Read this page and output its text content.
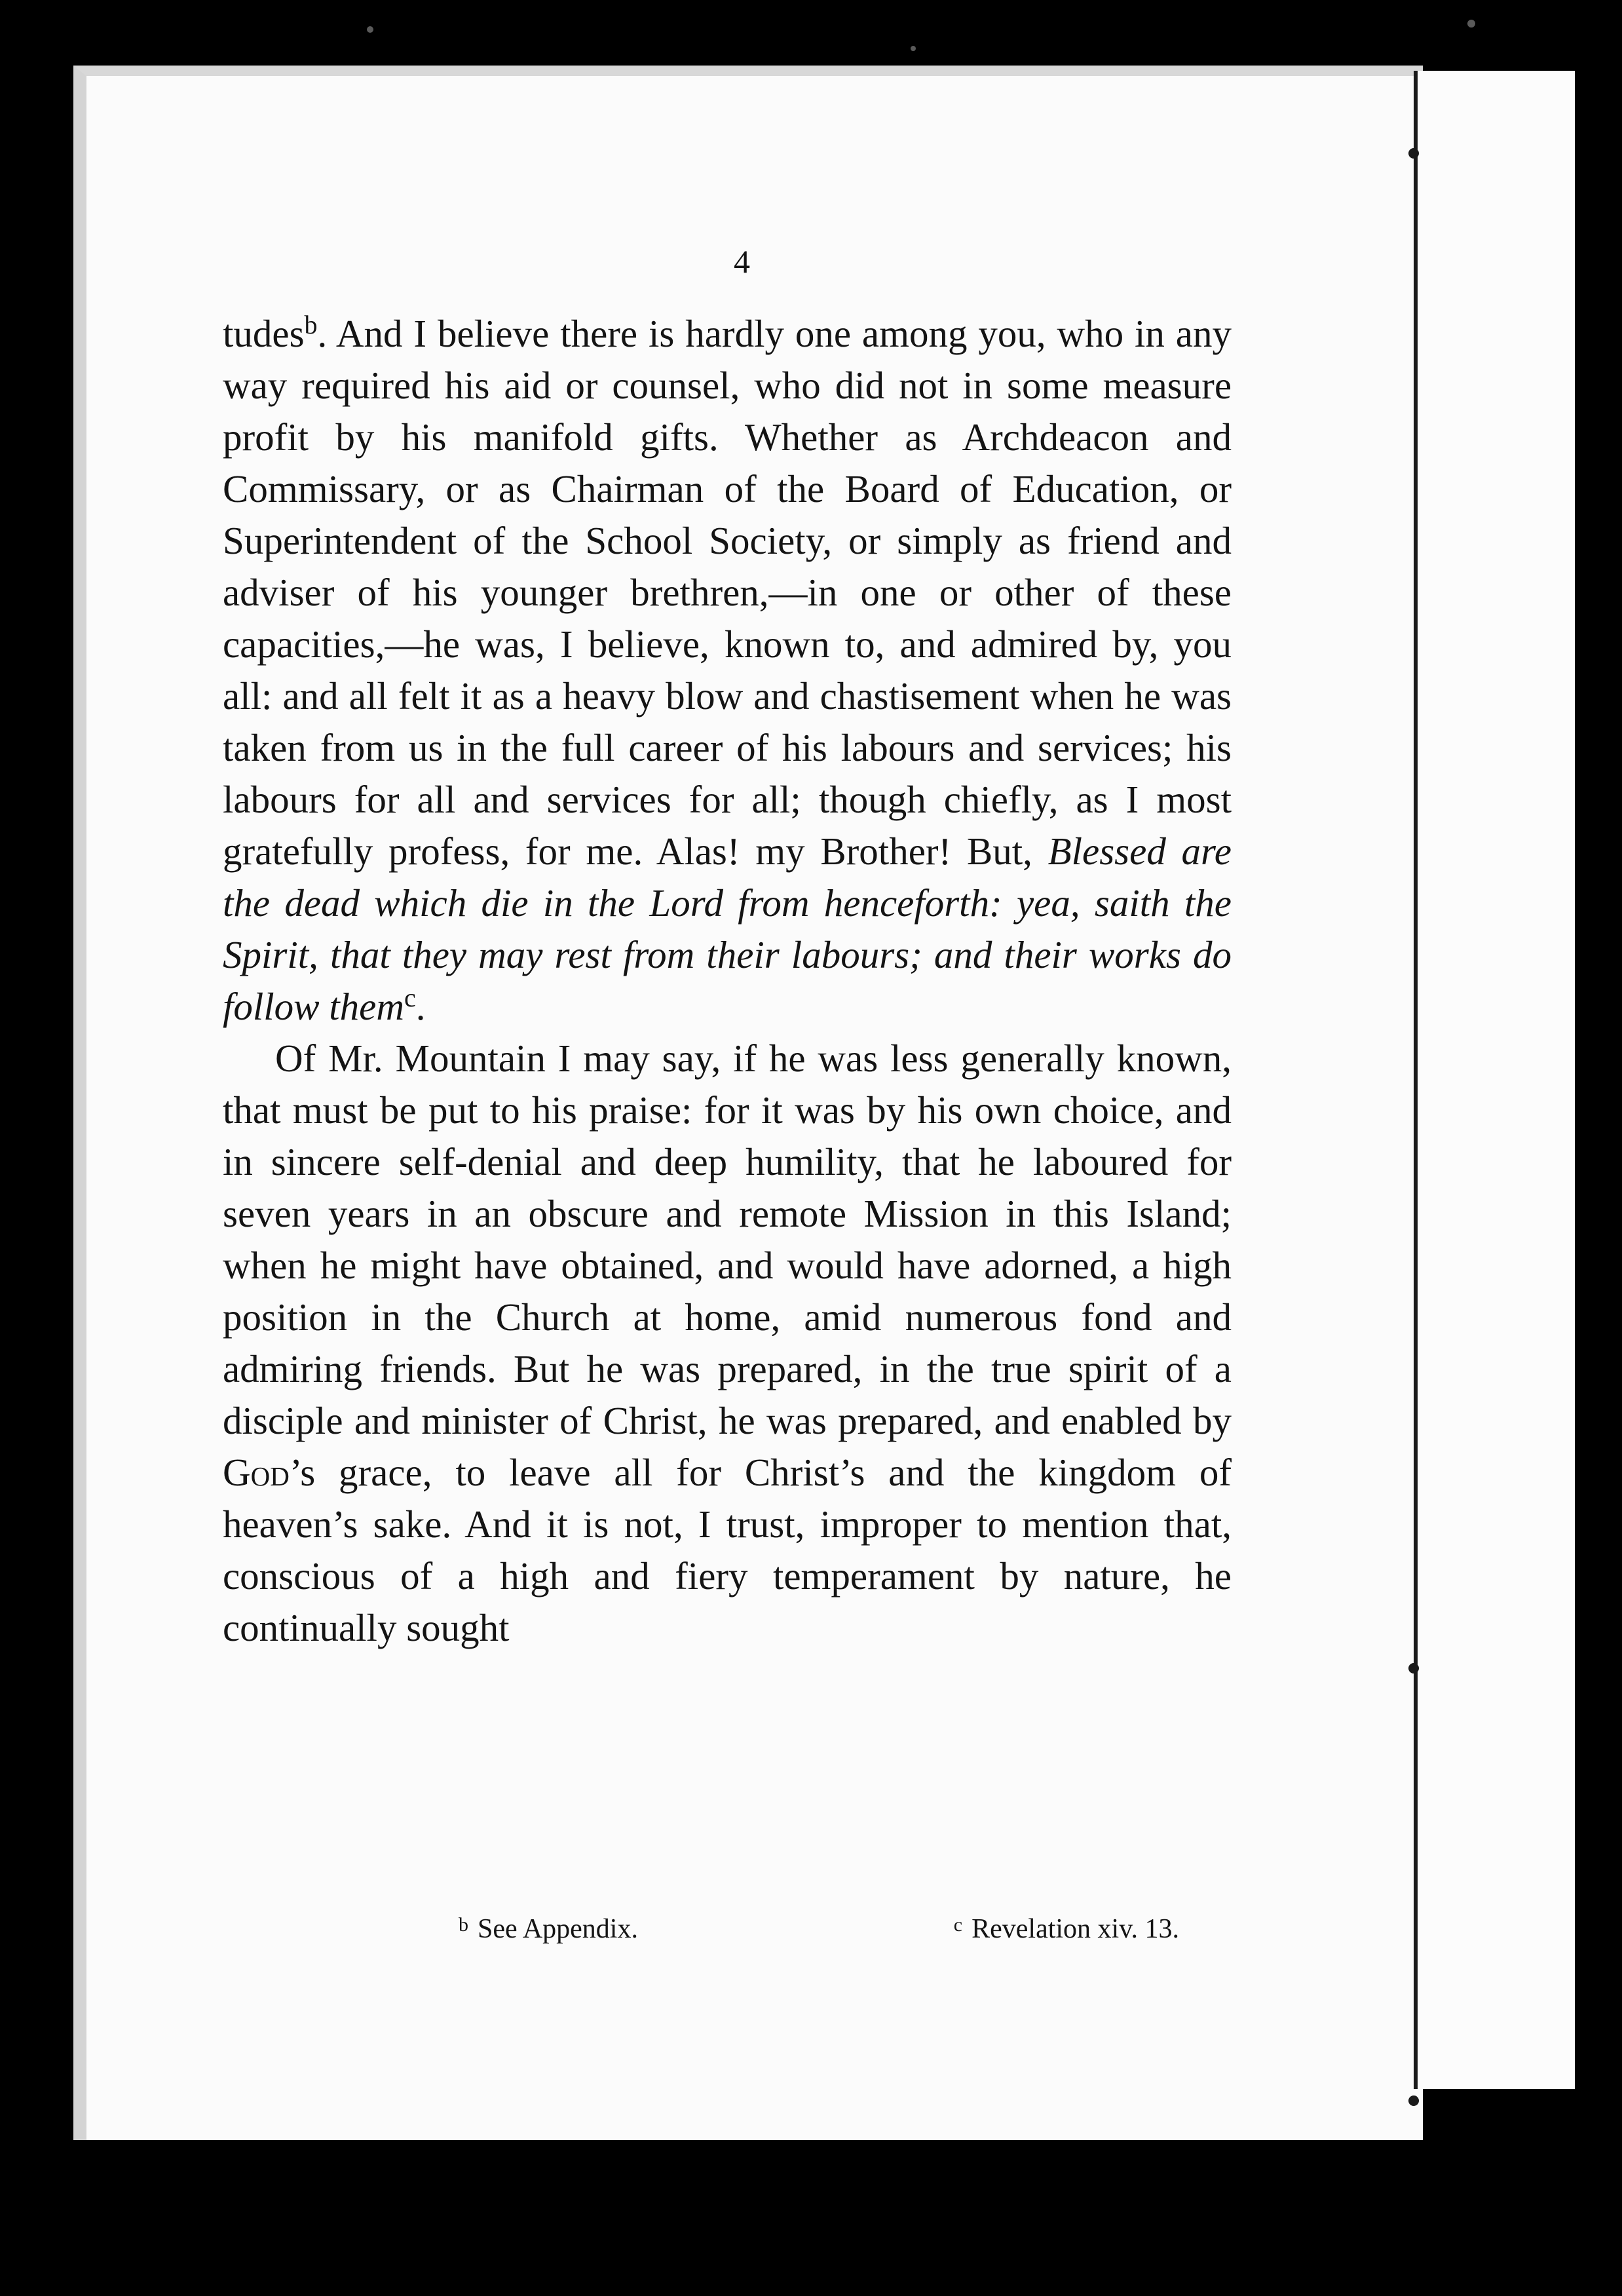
4

tudes$^b$. And I believe there is hardly one among you, who in any way required his aid or counsel, who did not in some measure profit by his manifold gifts. Whether as Archdeacon and Commissary, or as Chairman of the Board of Education, or Superintendent of the School Society, or simply as friend and adviser of his younger brethren,—in one or other of these capacities,—he was, I believe, known to, and admired by, you all: and all felt it as a heavy blow and chastisement when he was taken from us in the full career of his labours and services; his labours for all and services for all; though chiefly, as I most gratefully profess, for me. Alas! my Brother! But, Blessed are the dead which die in the Lord from henceforth: yea, saith the Spirit, that they may rest from their labours; and their works do follow them$^c$.

Of Mr. Mountain I may say, if he was less generally known, that must be put to his praise: for it was by his own choice, and in sincere self-denial and deep humility, that he laboured for seven years in an obscure and remote Mission in this Island; when he might have obtained, and would have adorned, a high position in the Church at home, amid numerous fond and admiring friends. But he was prepared, in the true spirit of a disciple and minister of Christ, he was prepared, and enabled by God’s grace, to leave all for Christ’s and the kingdom of heaven’s sake. And it is not, I trust, improper to mention that, conscious of a high and fiery temperament by nature, he continually sought

$^b$ See Appendix.	$^c$ Revelation xiv. 13.
